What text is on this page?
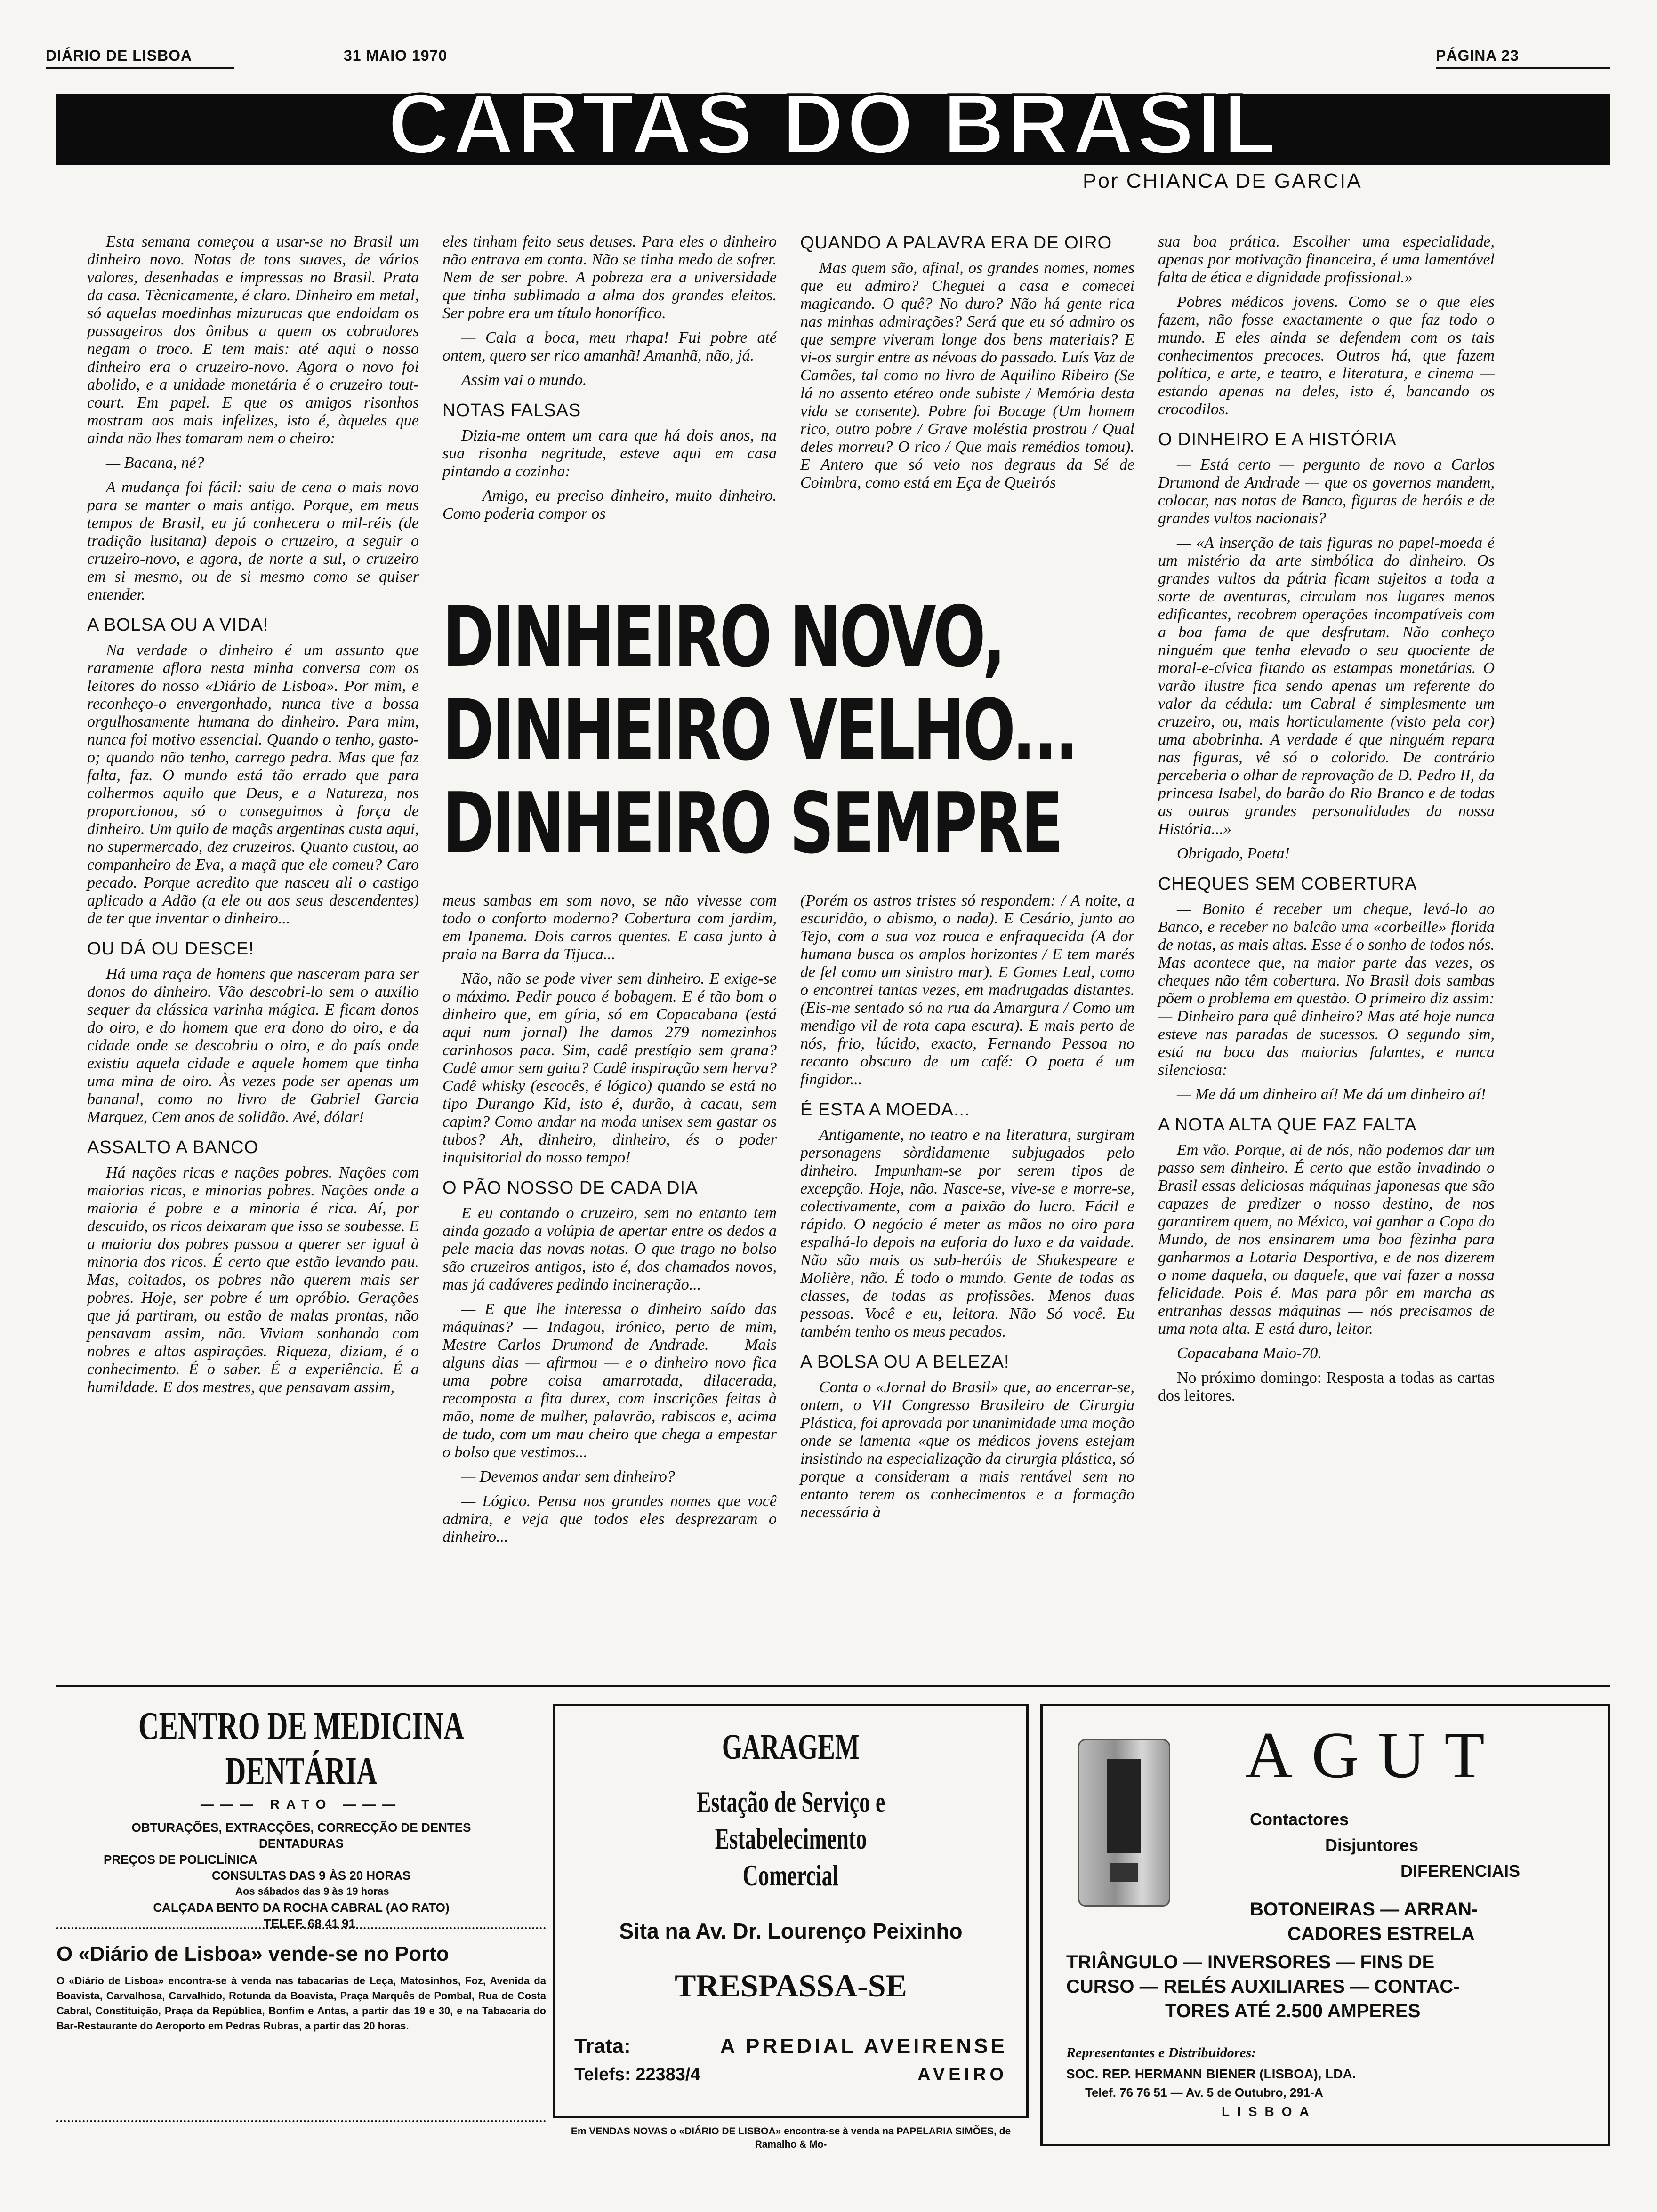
DIÁRIO DE LISBOA	31 MAIO 1970	PÁGINA 23
CARTAS DO BRASIL
Por CHIANCA DE GARCIA

Esta semana começou a usar-se no Brasil um dinheiro novo. Notas de tons suaves, de vários valores, desenhadas e impressas no Brasil. Prata da casa. Tècnicamente, é claro. Dinheiro em metal, só aquelas moedinhas mizurucas que endoidam os passageiros dos ônibus a quem os cobradores negam o troco. E tem mais: até aqui o nosso dinheiro era o cruzeiro-novo. Agora o novo foi abolido, e a unidade monetária é o cruzeiro tout-court. Em papel. E que os amigos risonhos mostram aos mais infelizes, isto é, àqueles que ainda não lhes tomaram nem o cheiro:

— Bacana, né?

A mudança foi fácil: saiu de cena o mais novo para se manter o mais antigo. Porque, em meus tempos de Brasil, eu já conhecera o mil-réis (de tradição lusitana) depois o cruzeiro, a seguir o cruzeiro-novo, e agora, de norte a sul, o cruzeiro em si mesmo, ou de si mesmo como se quiser entender.

A BOLSA OU A VIDA!

Na verdade o dinheiro é um assunto que raramente aflora nesta minha conversa com os leitores do nosso «Diário de Lisboa». Por mim, e reconheço-o envergonhado, nunca tive a bossa orgulhosamente humana do dinheiro. Para mim, nunca foi motivo essencial. Quando o tenho, gasto-o; quando não tenho, carrego pedra. Mas que faz falta, faz. O mundo está tão errado que para colhermos aquilo que Deus, e a Natureza, nos proporcionou, só o conseguimos à força de dinheiro. Um quilo de maçãs argentinas custa aqui, no supermercado, dez cruzeiros. Quanto custou, ao companheiro de Eva, a maçã que ele comeu? Caro pecado. Porque acredito que nasceu ali o castigo aplicado a Adão (a ele ou aos seus descendentes) de ter que inventar o dinheiro...

OU DÁ OU DESCE!

Há uma raça de homens que nasceram para ser donos do dinheiro. Vão descobri-lo sem o auxílio sequer da clássica varinha mágica. E ficam donos do oiro, e do homem que era dono do oiro, e da cidade onde se descobriu o oiro, e do país onde existiu aquela cidade e aquele homem que tinha uma mina de oiro. Às vezes pode ser apenas um bananal, como no livro de Gabriel Garcia Marquez, Cem anos de solidão. Avé, dólar!

ASSALTO A BANCO

Há nações ricas e nações pobres. Nações com maiorias ricas, e minorias pobres. Nações onde a maioria é pobre e a minoria é rica. Aí, por descuido, os ricos deixaram que isso se soubesse. E a maioria dos pobres passou a querer ser igual à minoria dos ricos. É certo que estão levando pau. Mas, coitados, os pobres não querem mais ser pobres. Hoje, ser pobre é um opróbio. Gerações que já partiram, ou estão de malas prontas, não pensavam assim, não. Viviam sonhando com nobres e altas aspirações. Riqueza, diziam, é o conhecimento. É o saber. É a experiência. É a humildade. E dos mestres, que pensavam assim,

eles tinham feito seus deuses. Para eles o dinheiro não entrava em conta. Não se tinha medo de sofrer. Nem de ser pobre. A pobreza era a universidade que tinha sublimado a alma dos grandes eleitos. Ser pobre era um título honorífico.

— Cala a boca, meu rhapa! Fui pobre até ontem, quero ser rico amanhã! Amanhã, não, já.

Assim vai o mundo.

NOTAS FALSAS

Dizia-me ontem um cara que há dois anos, na sua risonha negritude, esteve aqui em casa pintando a cozinha:

— Amigo, eu preciso dinheiro, muito dinheiro. Como poderia compor os

QUANDO A PALAVRA ERA DE OIRO

Mas quem são, afinal, os grandes nomes, nomes que eu admiro? Cheguei a casa e comecei magicando. O quê? No duro? Não há gente rica nas minhas admirações? Será que eu só admiro os que sempre viveram longe dos bens materiais? E vi-os surgir entre as névoas do passado. Luís Vaz de Camões, tal como no livro de Aquilino Ribeiro (Se lá no assento etéreo onde subiste / Memória desta vida se consente). Pobre foi Bocage (Um homem rico, outro pobre / Grave moléstia prostrou / Qual deles morreu? O rico / Que mais remédios tomou). E Antero que só veio nos degraus da Sé de Coimbra, como está em Eça de Queirós

DINHEIRO NOVO,
DINHEIRO VELHO...
DINHEIRO SEMPRE

meus sambas em som novo, se não vivesse com todo o conforto moderno? Cobertura com jardim, em Ipanema. Dois carros quentes. E casa junto à praia na Barra da Tijuca...

Não, não se pode viver sem dinheiro. E exige-se o máximo. Pedir pouco é bobagem. E é tão bom o dinheiro que, em gíria, só em Copacabana (está aqui num jornal) lhe damos 279 nomezinhos carinhosos paca. Sim, cadê prestígio sem grana? Cadê amor sem gaita? Cadê inspiração sem herva? Cadê whisky (escocês, é lógico) quando se está no tipo Durango Kid, isto é, durão, à cacau, sem capim? Como andar na moda unisex sem gastar os tubos? Ah, dinheiro, dinheiro, és o poder inquisitorial do nosso tempo!

O PÃO NOSSO DE CADA DIA

E eu contando o cruzeiro, sem no entanto tem ainda gozado a volúpia de apertar entre os dedos a pele macia das novas notas. O que trago no bolso são cruzeiros antigos, isto é, dos chamados novos, mas já cadáveres pedindo incineração...

— E que lhe interessa o dinheiro saído das máquinas? — Indagou, irónico, perto de mim, Mestre Carlos Drumond de Andrade. — Mais alguns dias — afirmou — e o dinheiro novo fica uma pobre coisa amarrotada, dilacerada, recomposta a fita durex, com inscrições feitas à mão, nome de mulher, palavrão, rabiscos e, acima de tudo, com um mau cheiro que chega a empestar o bolso que vestimos...

— Devemos andar sem dinheiro?

— Lógico. Pensa nos grandes nomes que você admira, e veja que todos eles desprezaram o dinheiro...

(Porém os astros tristes só respondem: / A noite, a escuridão, o abismo, o nada). E Cesário, junto ao Tejo, com a sua voz rouca e enfraquecida (A dor humana busca os amplos horizontes / E tem marés de fel como um sinistro mar). E Gomes Leal, como o encontrei tantas vezes, em madrugadas distantes. (Eis-me sentado só na rua da Amargura / Como um mendigo vil de rota capa escura). E mais perto de nós, frio, lúcido, exacto, Fernando Pessoa no recanto obscuro de um café: O poeta é um fingidor...

É ESTA A MOEDA...

Antigamente, no teatro e na literatura, surgiram personagens sòrdidamente subjugados pelo dinheiro. Impunham-se por serem tipos de excepção. Hoje, não. Nasce-se, vive-se e morre-se, colectivamente, com a paixão do lucro. Fácil e rápido. O negócio é meter as mãos no oiro para espalhá-lo depois na euforia do luxo e da vaidade. Não são mais os sub-heróis de Shakespeare e Molière, não. É todo o mundo. Gente de todas as classes, de todas as profissões. Menos duas pessoas. Você e eu, leitora. Não Só você. Eu também tenho os meus pecados.

A BOLSA OU A BELEZA!

Conta o «Jornal do Brasil» que, ao encerrar-se, ontem, o VII Congresso Brasileiro de Cirurgia Plástica, foi aprovada por unanimidade uma moção onde se lamenta «que os médicos jovens estejam insistindo na especialização da cirurgia plástica, só porque a consideram a mais rentável sem no entanto terem os conhecimentos e a formação necessária à

sua boa prática. Escolher uma especialidade, apenas por motivação financeira, é uma lamentável falta de ética e dignidade profissional.»

Pobres médicos jovens. Como se o que eles fazem, não fosse exactamente o que faz todo o mundo. E eles ainda se defendem com os tais conhecimentos precoces. Outros há, que fazem política, e arte, e teatro, e literatura, e cinema — estando apenas na deles, isto é, bancando os crocodilos.

O DINHEIRO E A HISTÓRIA

— Está certo — pergunto de novo a Carlos Drumond de Andrade — que os governos mandem, colocar, nas notas de Banco, figuras de heróis e de grandes vultos nacionais?

— «A inserção de tais figuras no papel-moeda é um mistério da arte simbólica do dinheiro. Os grandes vultos da pátria ficam sujeitos a toda a sorte de aventuras, circulam nos lugares menos edificantes, recobrem operações incompatíveis com a boa fama de que desfrutam. Não conheço ninguém que tenha elevado o seu quociente de moral-e-cívica fitando as estampas monetárias. O varão ilustre fica sendo apenas um referente do valor da cédula: um Cabral é simplesmente um cruzeiro, ou, mais horticulamente (visto pela cor) uma abobrinha. A verdade é que ninguém repara nas figuras, vê só o colorido. De contrário perceberia o olhar de reprovação de D. Pedro II, da princesa Isabel, do barão do Rio Branco e de todas as outras grandes personalidades da nossa História...»

Obrigado, Poeta!

CHEQUES SEM COBERTURA

— Bonito é receber um cheque, levá-lo ao Banco, e receber no balcão uma «corbeille» florida de notas, as mais altas. Esse é o sonho de todos nós. Mas acontece que, na maior parte das vezes, os cheques não têm cobertura. No Brasil dois sambas põem o problema em questão. O primeiro diz assim: — Dinheiro para quê dinheiro? Mas até hoje nunca esteve nas paradas de sucessos. O segundo sim, está na boca das maiorias falantes, e nunca silenciosa:

— Me dá um dinheiro aí! Me dá um dinheiro aí!

A NOTA ALTA QUE FAZ FALTA

Em vão. Porque, ai de nós, não podemos dar um passo sem dinheiro. É certo que estão invadindo o Brasil essas deliciosas máquinas japonesas que são capazes de predizer o nosso destino, de nos garantirem quem, no México, vai ganhar a Copa do Mundo, de nos ensinarem uma boa fèzinha para ganharmos a Lotaria Desportiva, e de nos dizerem o nome daquela, ou daquele, que vai fazer a nossa felicidade. Pois é. Mas para pôr em marcha as entranhas dessas máquinas — nós precisamos de uma nota alta. E está duro, leitor.

Copacabana Maio-70.

No próximo domingo: Resposta a todas as cartas dos leitores.

CENTRO DE MEDICINA DENTÁRIA
——— RATO ———
OBTURAÇÕES, EXTRACÇÕES, CORRECÇÃO DE DENTES
DENTADURAS
PREÇOS DE POLICLÍNICA
CONSULTAS DAS 9 ÀS 20 HORAS
Aos sábados das 9 às 19 horas
CALÇADA BENTO DA ROCHA CABRAL (AO RATO)
TELEF. 68 41 91
O «Diário de Lisboa» vende-se no Porto
O «Diário de Lisboa» encontra-se à venda nas tabacarias de Leça, Matosinhos, Foz, Avenida da Boavista, Carvalhosa, Carvalhido, Rotunda da Boavista, Praça Marquês de Pombal, Rua de Costa Cabral, Constituição, Praça da República, Bonfim e Antas, a partir das 19 e 30, e na Tabacaria do Bar-Restaurante do Aeroporto em Pedras Rubras, a partir das 20 horas.
GARAGEM
Estação de Serviço e Estabelecimento
Comercial
Sita na Av. Dr. Lourenço Peixinho
TRESPASSA-SE
Trata:	A PREDIAL AVEIRENSE
Telefs: 22383/4	AVEIRO
Em VENDAS NOVAS o «DIÁRIO DE LISBOA» encontra-se à venda na PAPELARIA SIMÕES, de Ramalho & Mo-
AGUT
Contactores
Disjuntores
DIFERENCIAIS
BOTONEIRAS — ARRAN-
CADORES ESTRELA
TRIÂNGULO — INVERSORES — FINS DE
CURSO — RELÉS AUXILIARES — CONTAC-
TORES ATÉ 2.500 AMPERES
Representantes e Distribuidores:
SOC. REP. HERMANN BIENER (LISBOA), LDA.
Telef. 76 76 51 — Av. 5 de Outubro, 291-A
LISBOA
